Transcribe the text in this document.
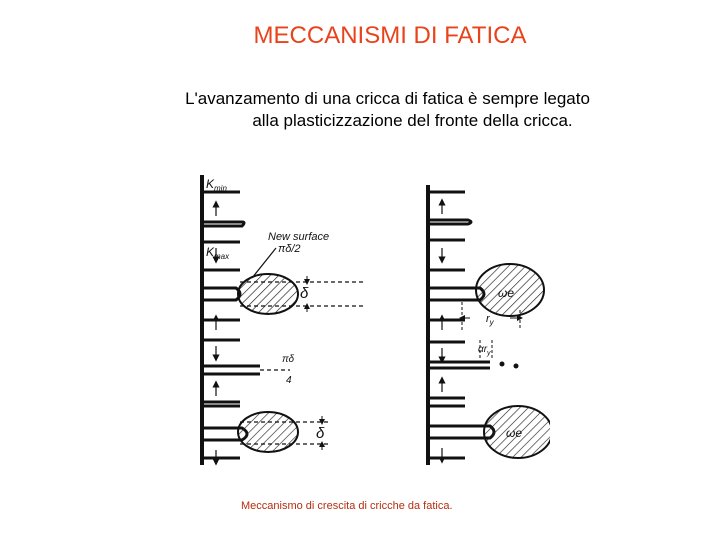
MECCANISMI DI FATICA
L'avanzamento di una cricca di fatica è sempre legato
alla plasticizzazione del fronte della cricca.
$K_{min}$
$K_{max}$
New surface
πδ/2
δ
πδ
4
δ
$r_y$
$\alpha r_y$
ωe
ωe
Meccanismo di crescita di cricche da fatica.
